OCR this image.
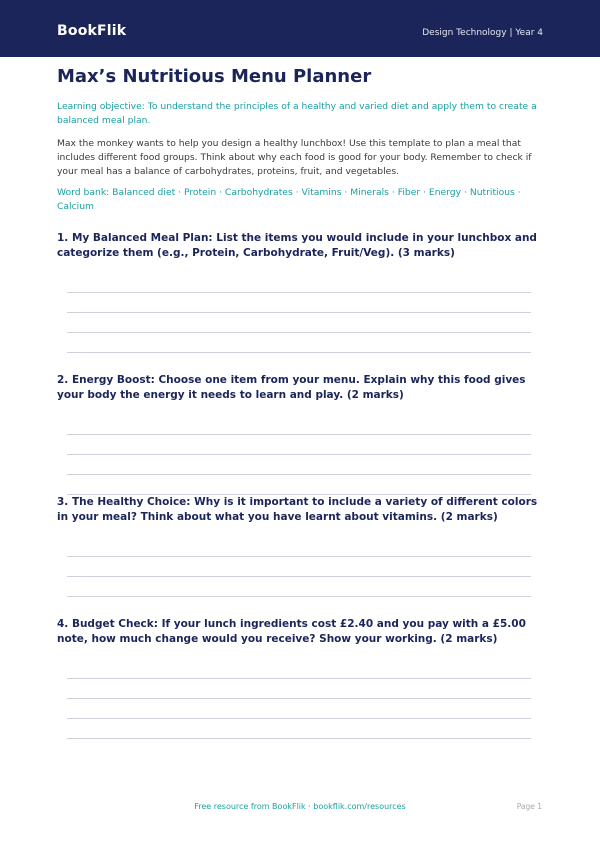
BookFlik	Design Technology | Year 4
Max’s Nutritious Menu Planner

Learning objective: To understand the principles of a healthy and varied diet and apply them to create a balanced meal plan.

Max the monkey wants to help you design a healthy lunchbox! Use this template to plan a meal that includes different food groups. Think about why each food is good for your body. Remember to check if your meal has a balance of carbohydrates, proteins, fruit, and vegetables.

Word bank: Balanced diet · Protein · Carbohydrates · Vitamins · Minerals · Fiber · Energy · Nutritious · Calcium

1. My Balanced Meal Plan: List the items you would include in your lunchbox and categorize them (e.g., Protein, Carbohydrate, Fruit/Veg). (3 marks)
2. Energy Boost: Choose one item from your menu. Explain why this food gives your body the energy it needs to learn and play. (2 marks)
3. The Healthy Choice: Why is it important to include a variety of different colors in your meal? Think about what you have learnt about vitamins. (2 marks)
4. Budget Check: If your lunch ingredients cost £2.40 and you pay with a £5.00 note, how much change would you receive? Show your working. (2 marks)
Free resource from BookFlik · bookflik.com/resources	Page 1
